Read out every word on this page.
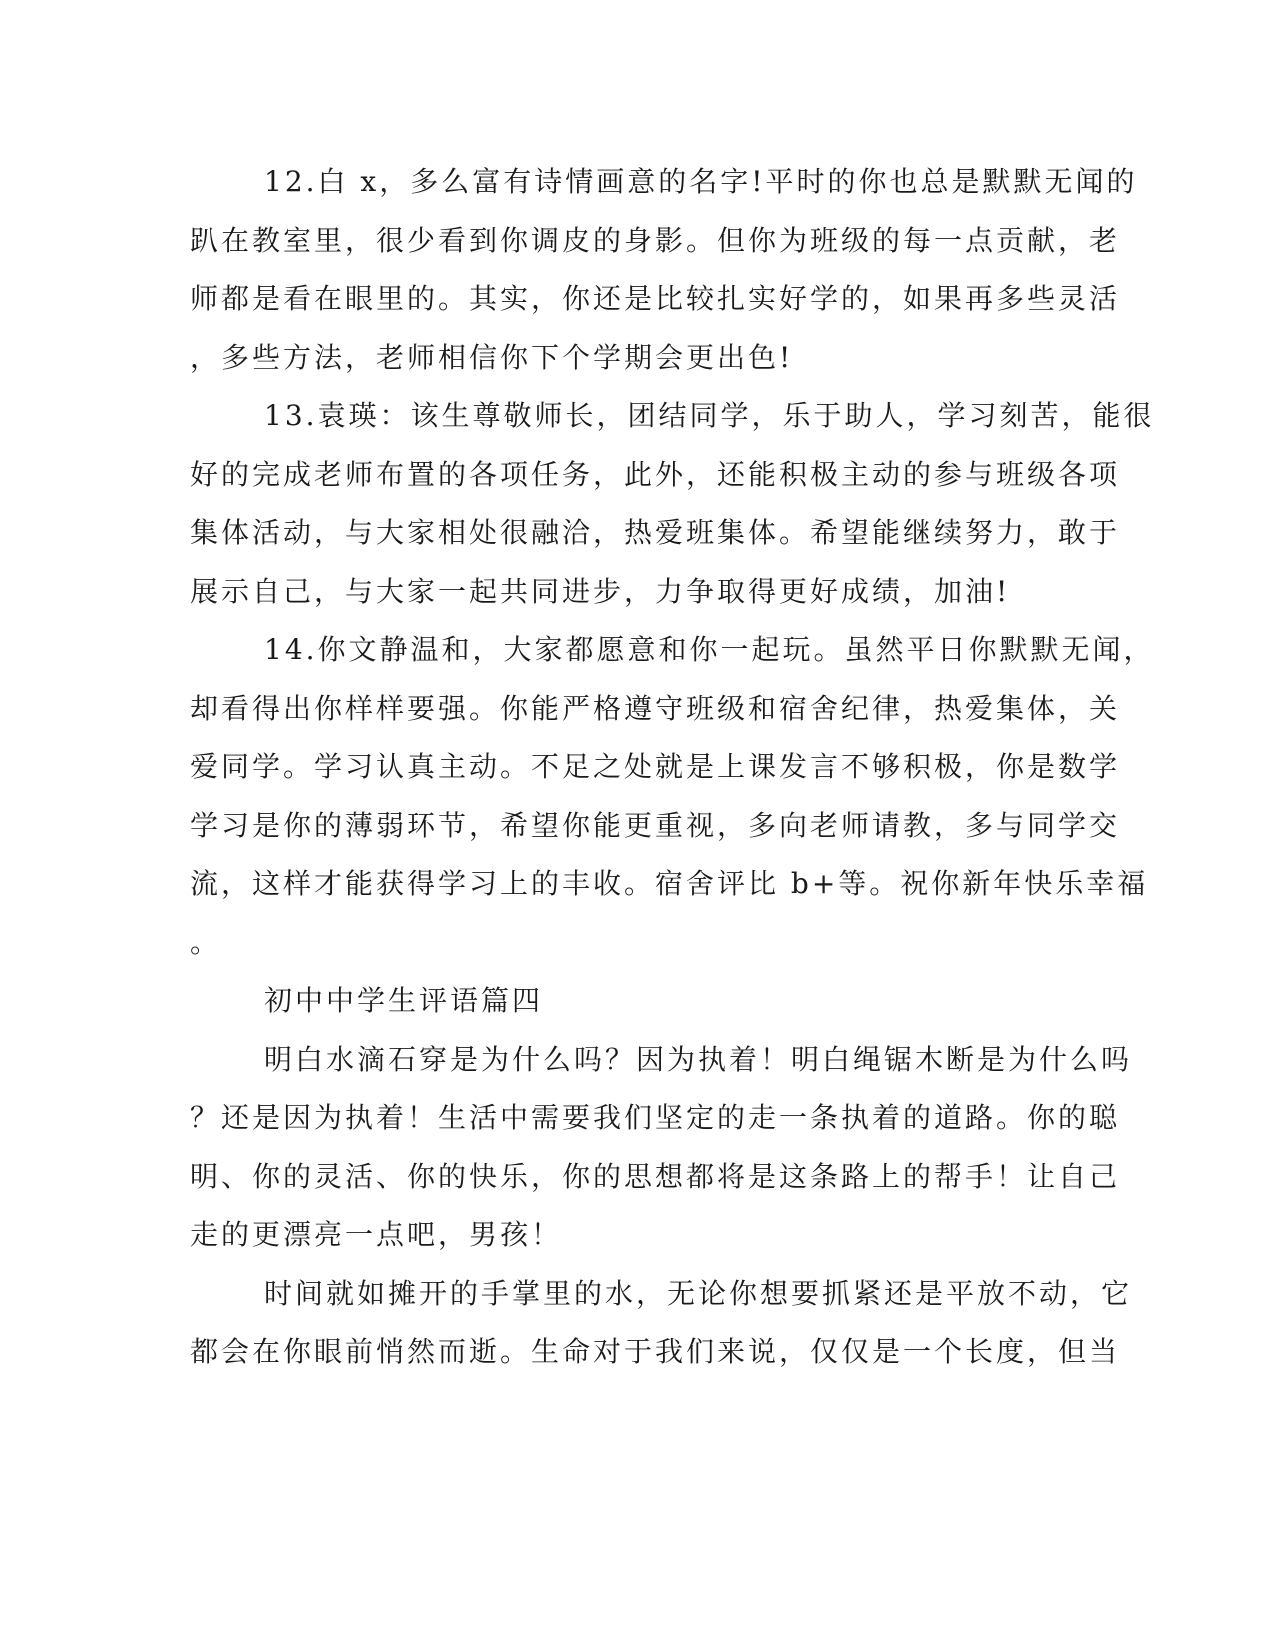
12.白 x，多么富有诗情画意的名字!平时的你也总是默默无闻的
趴在教室里，很少看到你调皮的身影。但你为班级的每一点贡献，老
师都是看在眼里的。其实，你还是比较扎实好学的，如果再多些灵活
，多些方法，老师相信你下个学期会更出色!
13.袁瑛：该生尊敬师长，团结同学，乐于助人，学习刻苦，能很
好的完成老师布置的各项任务，此外，还能积极主动的参与班级各项
集体活动，与大家相处很融洽，热爱班集体。希望能继续努力，敢于
展示自己，与大家一起共同进步，力争取得更好成绩，加油!
14.你文静温和，大家都愿意和你一起玩。虽然平日你默默无闻，
却看得出你样样要强。你能严格遵守班级和宿舍纪律，热爱集体，关
爱同学。学习认真主动。不足之处就是上课发言不够积极，你是数学
学习是你的薄弱环节，希望你能更重视，多向老师请教，多与同学交
流，这样才能获得学习上的丰收。宿舍评比 b+等。祝你新年快乐幸福
。
初中中学生评语篇四
明白水滴石穿是为什么吗？因为执着！明白绳锯木断是为什么吗
？还是因为执着！生活中需要我们坚定的走一条执着的道路。你的聪
明、你的灵活、你的快乐，你的思想都将是这条路上的帮手！让自己
走的更漂亮一点吧，男孩！
时间就如摊开的手掌里的水，无论你想要抓紧还是平放不动，它
都会在你眼前悄然而逝。生命对于我们来说，仅仅是一个长度，但当
